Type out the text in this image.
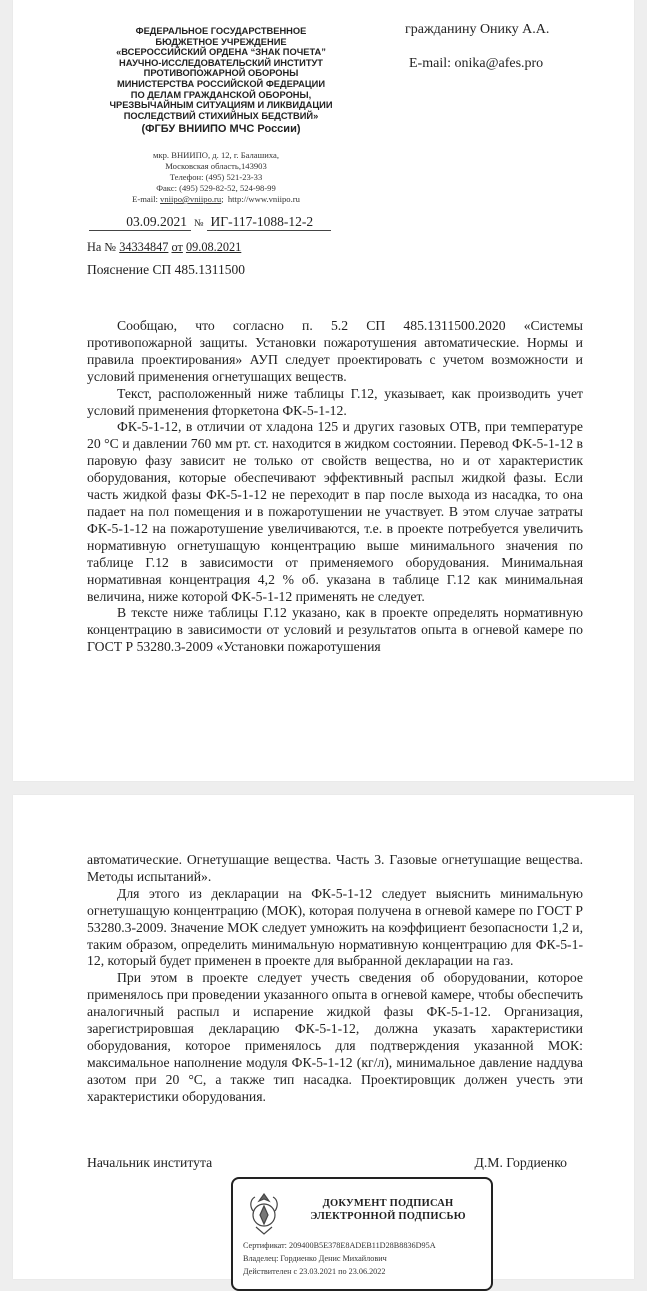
ФЕДЕРАЛЬНОЕ ГОСУДАРСТВЕННОЕ
БЮДЖЕТНОЕ УЧРЕЖДЕНИЕ
«ВСЕРОССИЙСКИЙ ОРДЕНА “ЗНАК ПОЧЕТА”
НАУЧНО-ИССЛЕДОВАТЕЛЬСКИЙ ИНСТИТУТ
ПРОТИВОПОЖАРНОЙ ОБОРОНЫ
МИНИСТЕРСТВА РОССИЙСКОЙ ФЕДЕРАЦИИ
ПО ДЕЛАМ ГРАЖДАНСКОЙ ОБОРОНЫ,
ЧРЕЗВЫЧАЙНЫМ СИТУАЦИЯМ И ЛИКВИДАЦИИ
ПОСЛЕДСТВИЙ СТИХИЙНЫХ БЕДСТВИЙ»
(ФГБУ ВНИИПО МЧС России)
мкр. ВНИИПО, д. 12, г. Балашиха,
Московская область,143903
Телефон: (495) 521-23-33
Факс: (495) 529-82-52, 524-98-99
E-mail: vniipo@vniipo.ru;  http://www.vniipo.ru
гражданину Онику А.А.
E-mail: onika@afes.pro
03.09.2021 № ИГ-117-1088-12-2
На № 34334847 от 09.08.2021
Пояснение СП 485.1311500

Сообщаю, что согласно п. 5.2 СП 485.1311500.2020 «Системы противопожарной защиты. Установки пожаротушения автоматические. Нормы и правила проектирования» АУП следует проектировать с учетом возможности и условий применения огнетушащих веществ.

Текст, расположенный ниже таблицы Г.12, указывает, как производить учет условий применения фторкетона ФК-5-1-12.

ФК-5-1-12, в отличии от хладона 125 и других газовых ОТВ, при температуре 20 °С и давлении 760 мм рт. ст. находится в жидком состоянии. Перевод ФК-5-1-12 в паровую фазу зависит не только от свойств вещества, но и от характеристик оборудования, которые обеспечивают эффективный распыл жидкой фазы. Если часть жидкой фазы ФК-5-1-12 не переходит в пар после выхода из насадка, то она падает на пол помещения и в пожаротушении не участвует. В этом случае затраты ФК-5-1-12 на пожаротушение увеличиваются, т.е. в проекте потребуется увеличить нормативную огнетушащую концентрацию выше минимального значения по таблице Г.12 в зависимости от применяемого оборудования. Минимальная нормативная концентрация 4,2 % об. указана в таблице Г.12 как минимальная величина, ниже которой ФК-5-1-12 применять не следует.

В тексте ниже таблицы Г.12 указано, как в проекте определять нормативную концентрацию в зависимости от условий и результатов опыта в огневой камере по ГОСТ Р 53280.3-2009 «Установки пожаротушения

автоматические. Огнетушащие вещества. Часть 3. Газовые огнетушащие вещества. Методы испытаний».

Для этого из декларации на ФК-5-1-12 следует выяснить минимальную огнетушащую концентрацию (МОК), которая получена в огневой камере по ГОСТ Р 53280.3-2009. Значение МОК следует умножить на коэффициент безопасности 1,2 и, таким образом, определить минимальную нормативную концентрацию для ФК-5-1-12, который будет применен в проекте для выбранной декларации на газ.

При этом в проекте следует учесть сведения об оборудовании, которое применялось при проведении указанного опыта в огневой камере, чтобы обеспечить аналогичный распыл и испарение жидкой фазы ФК-5-1-12. Организация, зарегистрировшая декларацию ФК-5-1-12, должна указать характеристики оборудования, которое применялось для подтверждения указанной МОК: максимальное наполнение модуля ФК-5-1-12 (кг/л), минимальное давление наддува азотом при 20 °С, а также тип насадка. Проектировщик должен учесть эти характеристики оборудования.

Начальник института	Д.М. Гордиенко
ДОКУМЕНТ ПОДПИСАН
ЭЛЕКТРОННОЙ ПОДПИСЬЮ
Сертификат: 209400B5E378E8ADEB11D28B8836D95A
Владелец: Гордиенко Денис Михайлович
Действителен с 23.03.2021 по 23.06.2022
